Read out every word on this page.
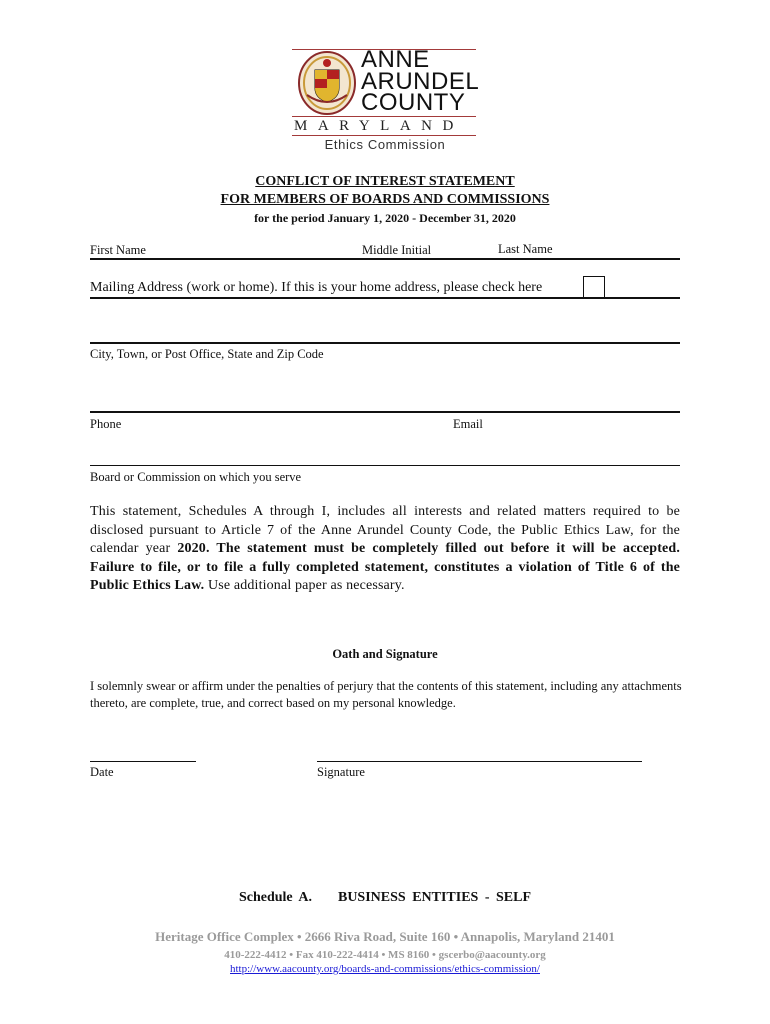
ANNE
ARUNDEL
COUNTY
MARYLAND
Ethics Commission
CONFLICT OF INTEREST STATEMENT
FOR MEMBERS OF BOARDS AND COMMISSIONS
for the period January 1, 2020 - December 31, 2020
First Name	Middle Initial	Last Name
Mailing Address (work or home). If this is your home address, please check here
City, Town, or Post Office, State and Zip Code
Phone	Email
Board or Commission on which you serve
This statement, Schedules A through I, includes all interests and related matters required to be disclosed pursuant to Article 7 of the Anne Arundel County Code, the Public Ethics Law, for the calendar year 2020. The statement must be completely filled out before it will be accepted. Failure to file, or to file a fully completed statement, constitutes a violation of Title 6 of the Public Ethics Law. Use additional paper as necessary.
Oath and Signature
I solemnly swear or affirm under the penalties of perjury that the contents of this statement, including any attachments thereto, are complete, true, and correct based on my personal knowledge.
Date	Signature
Schedule A. BUSINESS ENTITIES - SELF
Heritage Office Complex • 2666 Riva Road, Suite 160 • Annapolis, Maryland 21401
410-222-4412 • Fax 410-222-4414 • MS 8160 • gscerbo@aacounty.org
http://www.aacounty.org/boards-and-commissions/ethics-commission/
